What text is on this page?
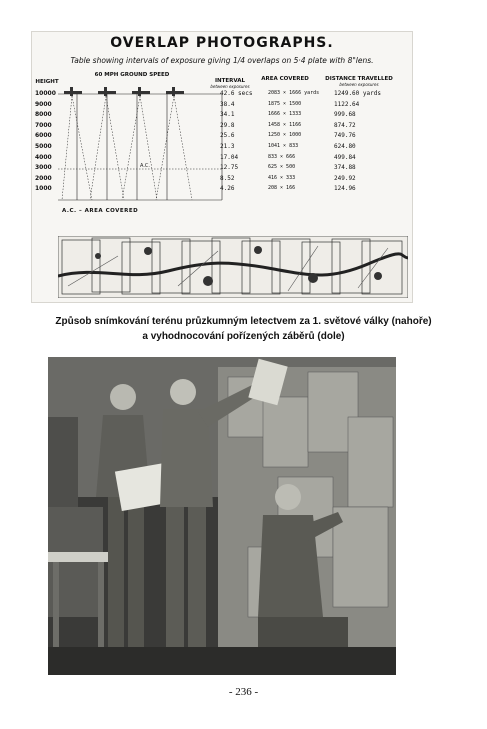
OVERLAP PHOTOGRAPHS.
Table showing intervals of exposure giving 1/4 overlaps on 5·4 plate with 8"lens.
HEIGHT
60 MPH GROUND SPEED
INTERVAL
between exposures
AREA COVERED	DISTANCE TRAVELLED
between exposures
A.C.
10000
9000
8000
7000
6000
5000
4000
3000
2000
1000
42.6 secs
38.4
34.1
29.8
25.6
21.3
17.04
12.75
8.52
4.26
2083 × 1666 yards
1875 × 1500
1666 × 1333
1458 × 1166
1250 × 1000
1041 × 833
833 × 666
625 × 500
416 × 333
208 × 166
1249.60 yards
1122.64
999.68
874.72
749.76
624.80
499.84
374.88
249.92
124.96
A.C. – AREA COVERED
Způsob snímkování terénu průzkumným letectvem za 1. světové války (nahoře)
a vyhodnocování pořízených záběrů (dole)
- 236 -
